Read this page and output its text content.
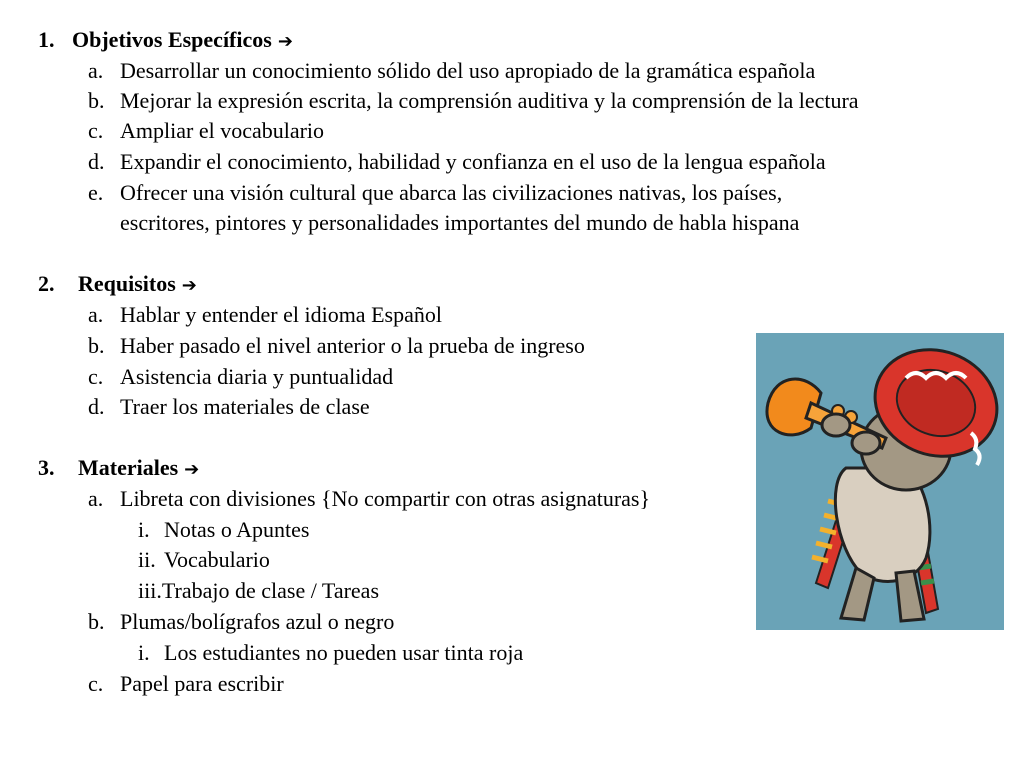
1. Objetivos Específicos ➔
a. Desarrollar un conocimiento sólido del uso apropiado de la gramática española
b. Mejorar la expresión escrita, la comprensión auditiva y la comprensión de la lectura
c. Ampliar el vocabulario
d. Expandir el conocimiento, habilidad y confianza en el uso de la lengua española
e. Ofrecer una visión cultural que abarca las civilizaciones nativas, los países,
escritores, pintores y personalidades importantes del mundo de habla hispana
2. Requisitos ➔
a. Hablar y entender el idioma Español
b. Haber pasado el nivel anterior o la prueba de ingreso
c. Asistencia diaria y puntualidad
d. Traer los materiales de clase
3. Materiales ➔
a. Libreta con divisiones {No compartir con otras asignaturas}
i. Notas o Apuntes
ii. Vocabulario
iii.Trabajo de clase / Tareas
b. Plumas/bolígrafos azul o negro
i. Los estudiantes no pueden usar tinta roja
c. Papel para escribir
